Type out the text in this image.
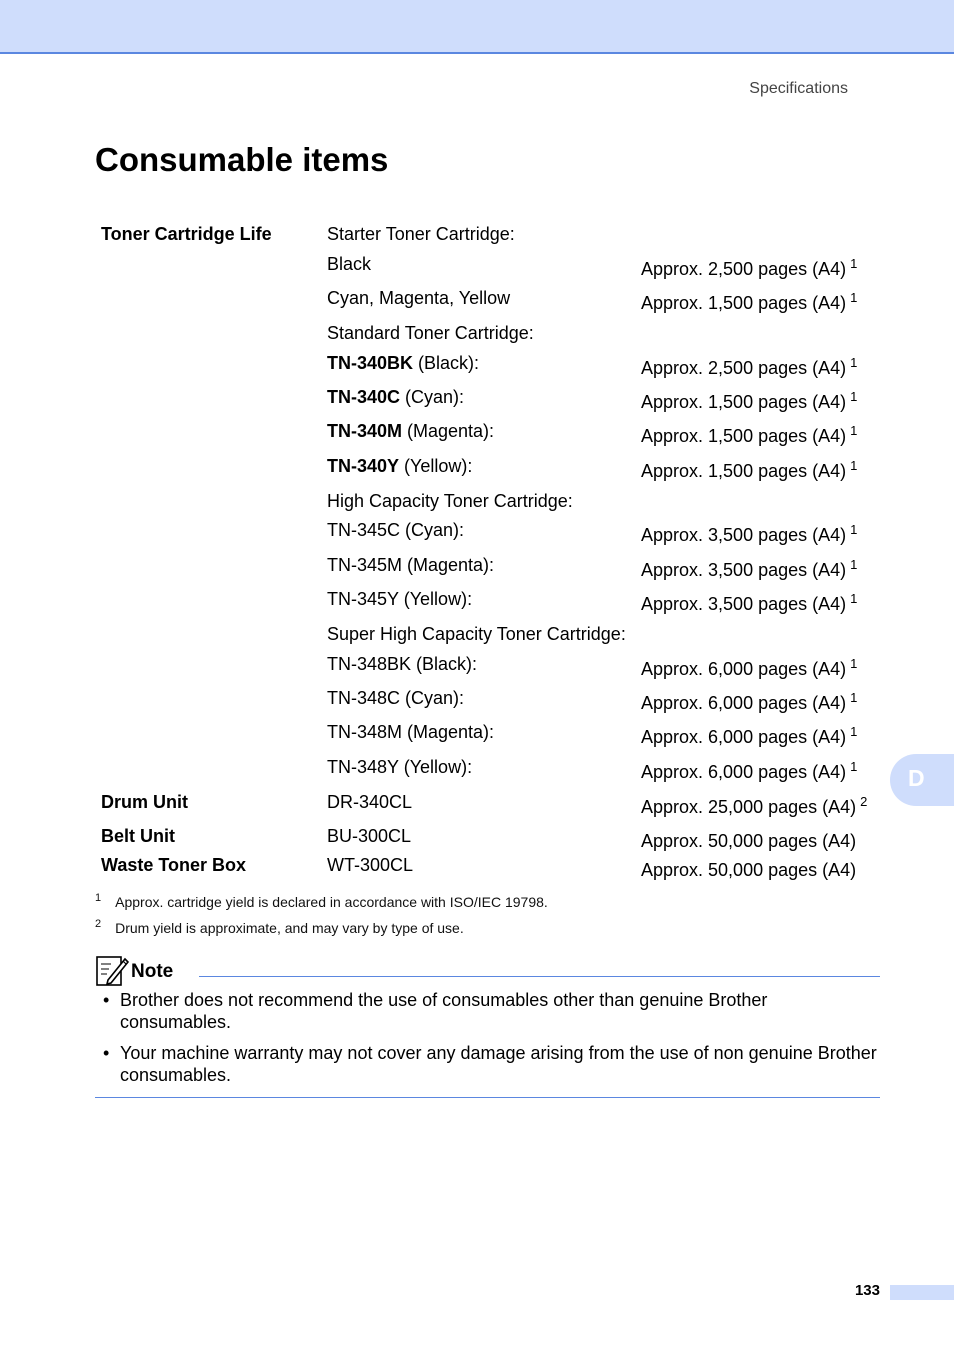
Specifications
Consumable items
Toner Cartridge Life	Starter Toner Cartridge:
Black	Approx. 2,500 pages (A4) $^1$
Cyan, Magenta, Yellow	Approx. 1,500 pages (A4) $^1$
Standard Toner Cartridge:
TN-340BK (Black):	Approx. 2,500 pages (A4) $^1$
TN-340C (Cyan):	Approx. 1,500 pages (A4) $^1$
TN-340M (Magenta):	Approx. 1,500 pages (A4) $^1$
TN-340Y (Yellow):	Approx. 1,500 pages (A4) $^1$
High Capacity Toner Cartridge:
TN-345C (Cyan):	Approx. 3,500 pages (A4) $^1$
TN-345M (Magenta):	Approx. 3,500 pages (A4) $^1$
TN-345Y (Yellow):	Approx. 3,500 pages (A4) $^1$
Super High Capacity Toner Cartridge:
TN-348BK (Black):	Approx. 6,000 pages (A4) $^1$
TN-348C (Cyan):	Approx. 6,000 pages (A4) $^1$
TN-348M (Magenta):	Approx. 6,000 pages (A4) $^1$
TN-348Y (Yellow):	Approx. 6,000 pages (A4) $^1$
Drum Unit	DR-340CL	Approx. 25,000 pages (A4) $^2$
Belt Unit	BU-300CL	Approx. 50,000 pages (A4)
Waste Toner Box	WT-300CL	Approx. 50,000 pages (A4)
$^1$ Approx. cartridge yield is declared in accordance with ISO/IEC 19798.
$^2$ Drum yield is approximate, and may vary by type of use.
Note
• Brother does not recommend the use of consumables other than genuine Brother consumables.
• Your machine warranty may not cover any damage arising from the use of non genuine Brother consumables.
D
133
